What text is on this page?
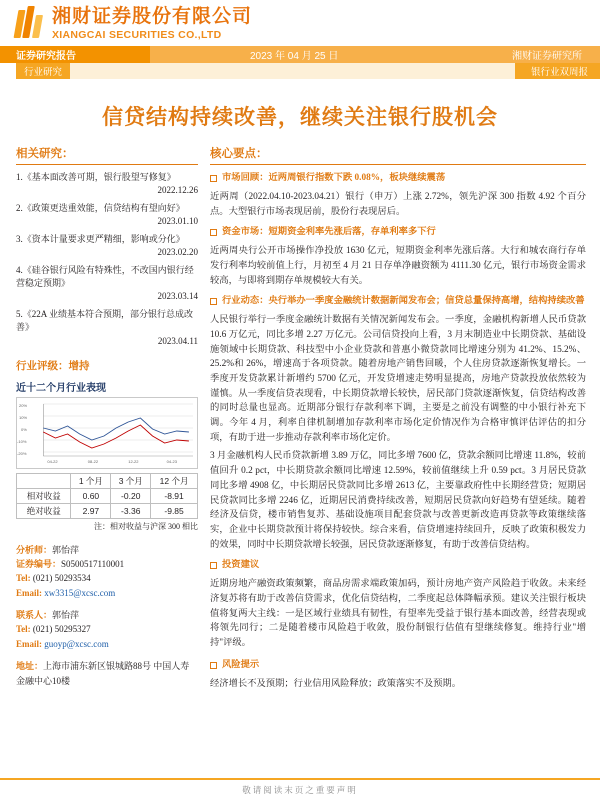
湘财证券股份有限公司
XIANGCAI SECURITIES CO.,LTD
证券研究报告	2023 年 04 月 25 日	湘财证券研究所
行业研究	银行业双周报
信贷结构持续改善，继续关注银行股机会
相关研究：
1.《基本面改善可期，银行股望写修复》
2022.12.26
2.《政策更迭重效能，信贷结构有望向好》
2023.01.10
3.《资本计量要求更严精细，影响或分化》
2023.02.20
4.《硅谷银行风险有特殊性，不改国内银行经营稳定预期》
2023.03.14
5.《22A 业绩基本符合预期，部分银行总成改善》
2023.04.11
行业评级：增持
近十二个月行业表现
20%
10%
0%
-10%
-20%
04-22	08-22	12-22	04-23
	1 个月	3 个月	12 个月
相对收益	0.60	-0.20	-8.91
绝对收益	2.97	-3.36	-9.85
注：相对收益与沪深 300 相比
分析师：郭怡萍
证券编号：S0500517110001
Tel: (021) 50293534
Email: xw3315@xcsc.com
联系人：郭怡萍
Tel: (021) 50295327
Email: guoyp@xcsc.com
地址：上海市浦东新区银城路88号 中国人寿金融中心10楼
核心要点：
市场回顾：近两周银行指数下跌 0.08%，板块继续震荡

近两周（2022.04.10-2023.04.21）银行（申万）上涨 2.72%，领先沪深 300 指数 4.92 个百分点。大型银行市场表现居前，股份行表现居后。

资金市场：短期资金利率先涨后落，存单利率多下行

近两周央行公开市场操作净投放 1630 亿元，短期资金利率先涨后落。大行和城农商行存单发行利率均较前值上行，月初至 4 月 21 日存单净融资额为 4111.30 亿元，银行市场资金需求较高，与即将到期存单规模较大有关。

行业动态：央行举办一季度金融统计数据新闻发布会；信贷总量保持高增，结构持续改善

人民银行举行一季度金融统计数据有关情况新闻发布会。一季度，金融机构新增人民币贷款 10.6 万亿元，同比多增 2.27 万亿元。公司信贷投向上看，3 月末制造业中长期贷款、基础设施领域中长期贷款、科技型中小企业贷款和普惠小微贷款同比增速分别为 41.2%、15.2%、25.2%和 26%，增速高于各项贷款。随着房地产销售回暖，个人住房贷款逐渐恢复增长。一季度开发贷款累计新增约 5700 亿元，开发贷增速走势明显提高，房地产贷款投放依然较为谨慎。从一季度信贷表现看，中长期贷款增长较快，居民部门贷款逐渐恢复，信贷结构改善的同时总量也显高。近期部分银行存款利率下调，主要是之前没有调整的中小银行补充下调。今年 4 月，利率自律机制增加存款利率市场化定价情况作为合格审慎评估评估的扣分项，有助于进一步推动存款利率市场化定价。

3 月金融机构人民币贷款新增 3.89 万亿，同比多增 7600 亿，贷款余额同比增速 11.8%，较前值回升 0.2 pct，中长期贷款余额同比增速 12.59%，较前值继续上升 0.59 pct。3 月居民贷款同比多增 4908 亿，中长期居民贷款同比多增 2613 亿，主要靠政府性中长期经营贷；短期居民贷款同比多增 2246 亿，近期居民消费持续改善，短期居民贷款向好趋势有望延续。随着经济及信贷，楼市销售复苏、基础设施项目配套贷款与改善更新改造再贷款等政策继续落实，企业中长期贷款预计将保持较快。综合来看，信贷增速持续回升，反映了政策积极发力的效果，同时中长期贷款增长较强，居民贷款逐渐修复，有助于改善信贷结构。

投资建议

近期房地产融资政策频繁，商品房需求端政策加码，预计房地产资产风险趋于收敛。未来经济复苏将有助于改善信贷需求，优化信贷结构，二季度起总体降幅承预。建议关注银行板块值将复两大主线：一是区域行业绩具有韧性，有望率先受益于银行基本面改善，经营表现或将领先同行；二是随着楼市风险趋于收敛，股份制银行估值有望继续修复。维持行业"增持"评级。

风险提示

经济增长不及预期；行业信用风险释放；政策落实不及预期。

敬请阅读末页之重要声明
